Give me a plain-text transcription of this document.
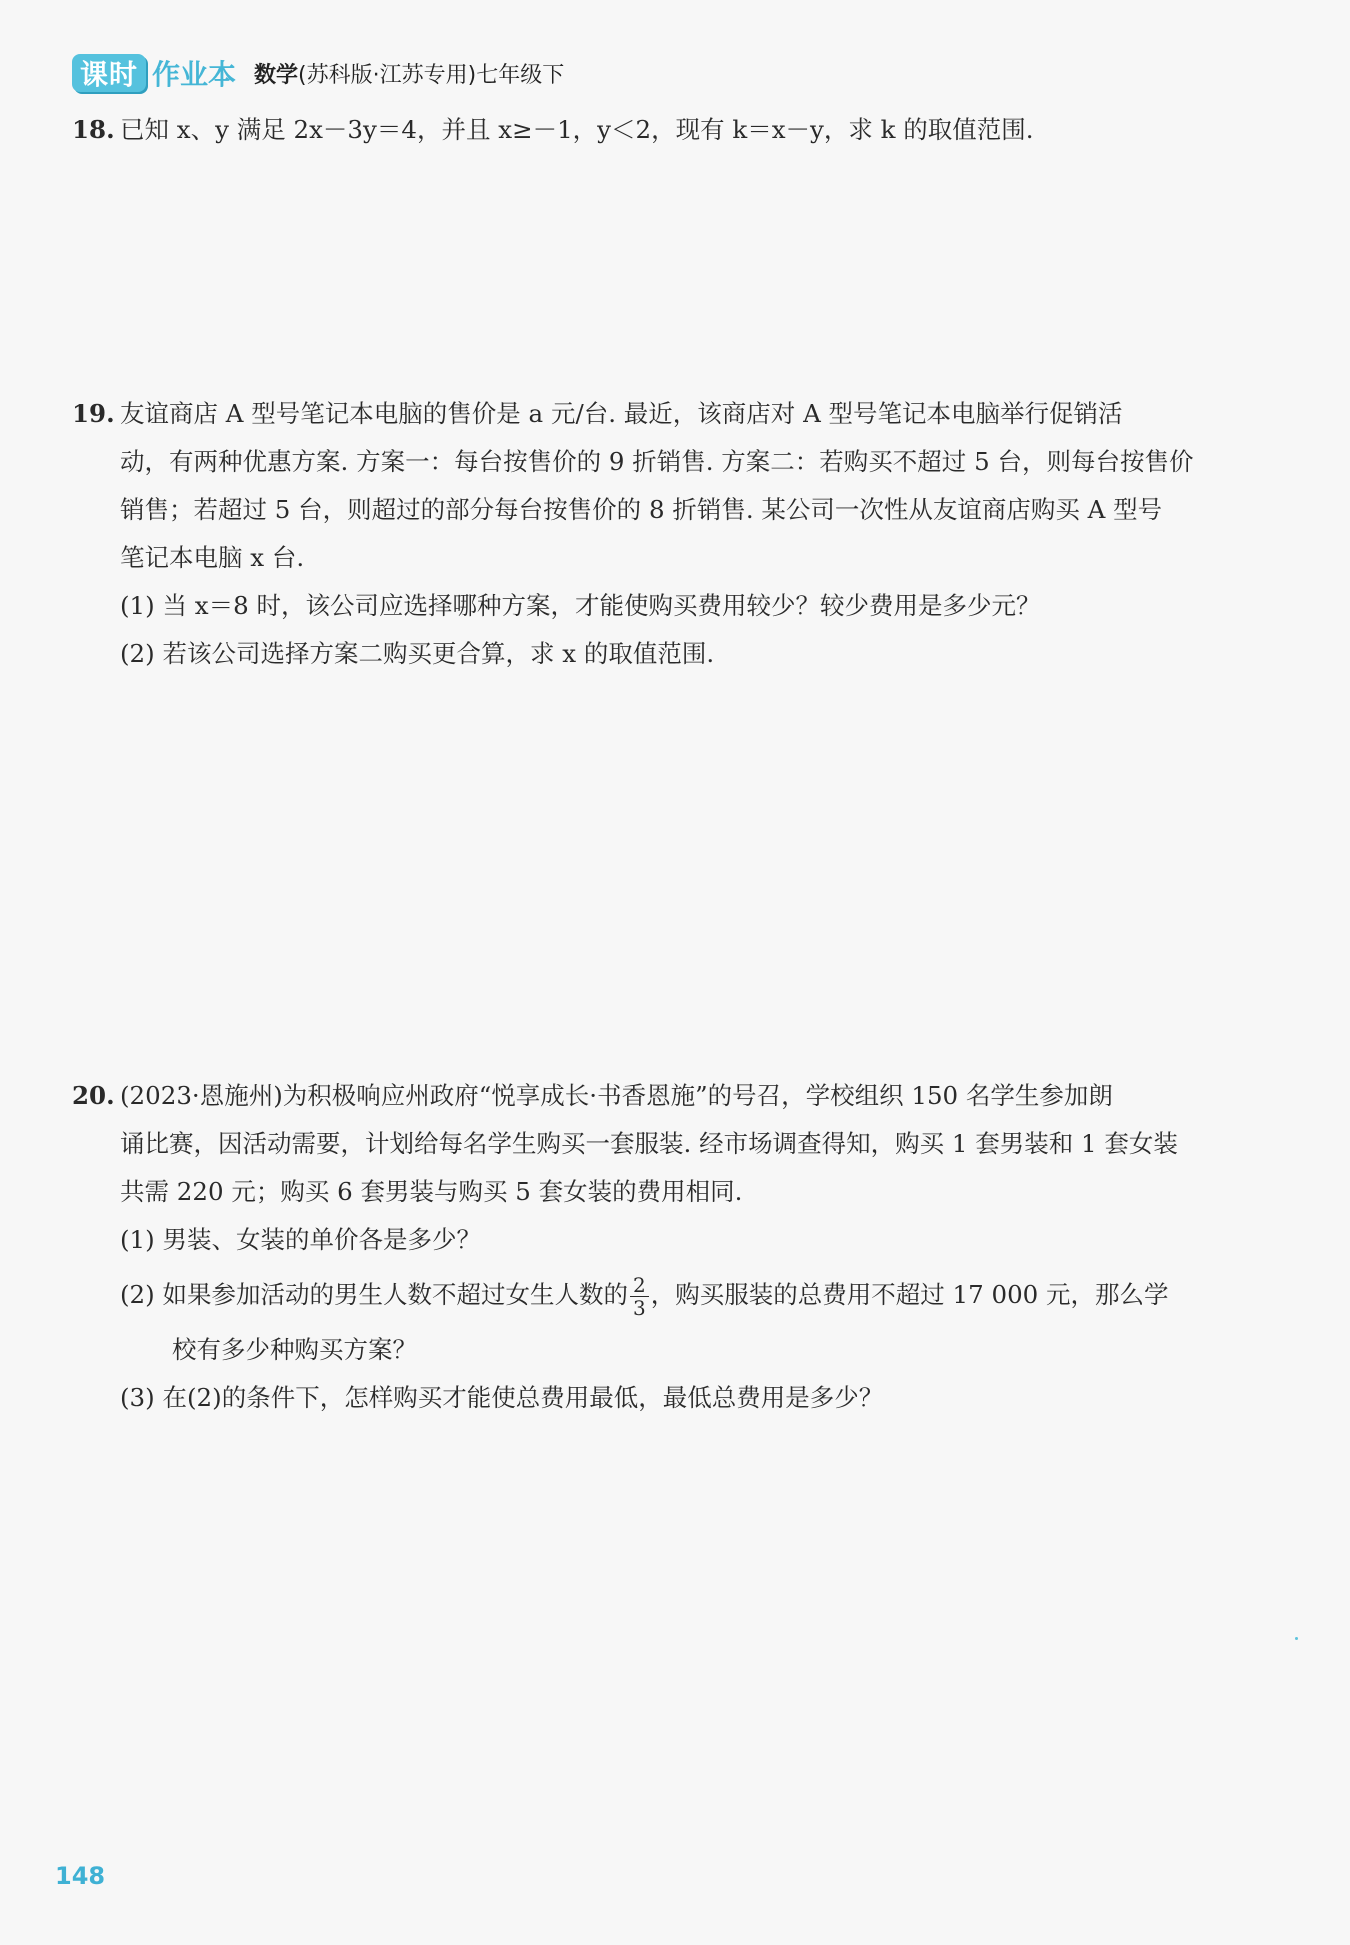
课时 作业本 数学(苏科版·江苏专用)七年级下
18. 已知 x、y 满足 2x－3y＝4，并且 x≥－1，y＜2，现有 k＝x－y，求 k 的取值范围.
19. 友谊商店 A 型号笔记本电脑的售价是 a 元/台. 最近，该商店对 A 型号笔记本电脑举行促销活
动，有两种优惠方案. 方案一：每台按售价的 9 折销售. 方案二：若购买不超过 5 台，则每台按售价
销售；若超过 5 台，则超过的部分每台按售价的 8 折销售. 某公司一次性从友谊商店购买 A 型号
笔记本电脑 x 台.
(1) 当 x＝8 时，该公司应选择哪种方案，才能使购买费用较少？较少费用是多少元？
(2) 若该公司选择方案二购买更合算，求 x 的取值范围.
20. (2023·恩施州)为积极响应州政府“悦享成长·书香恩施”的号召，学校组织 150 名学生参加朗
诵比赛，因活动需要，计划给每名学生购买一套服装. 经市场调查得知，购买 1 套男装和 1 套女装
共需 220 元；购买 6 套男装与购买 5 套女装的费用相同.
(1) 男装、女装的单价各是多少？
(2) 如果参加活动的男生人数不超过女生人数的 $\frac{2}{3}$ ，购买服装的总费用不超过 17 000 元，那么学
校有多少种购买方案？
(3) 在(2)的条件下，怎样购买才能使总费用最低，最低总费用是多少？
148
